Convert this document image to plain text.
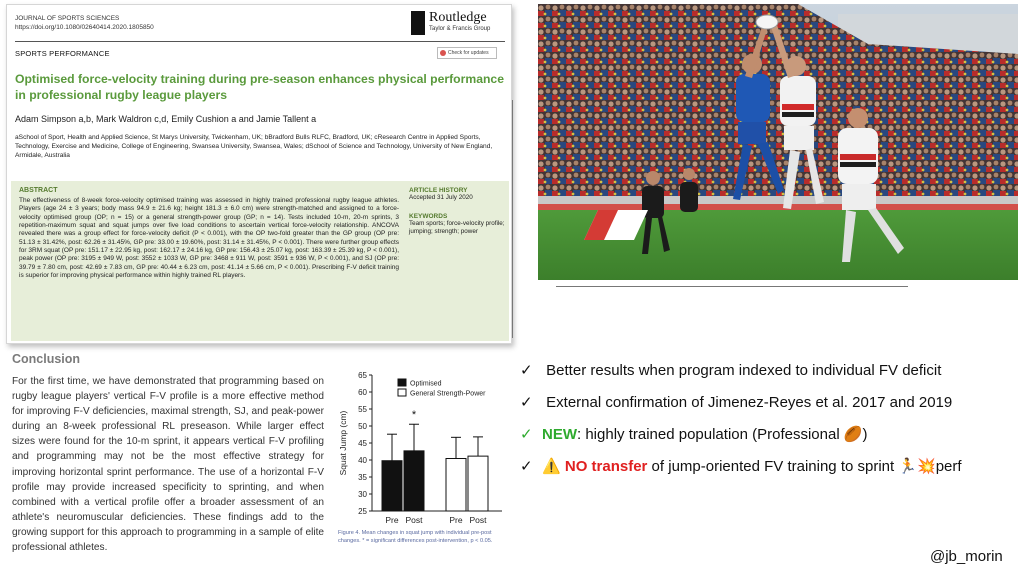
JOURNAL OF SPORTS SCIENCES
https://doi.org/10.1080/02640414.2020.1805850
Routledge
Taylor & Francis Group
SPORTS PERFORMANCE	Check for updates
Optimised force-velocity training during pre-season enhances physical performance in professional rugby league players
Adam Simpson a,b, Mark Waldron c,d, Emily Cushion a and Jamie Tallent a
aSchool of Sport, Health and Applied Science, St Marys University, Twickenham, UK; bBradford Bulls RLFC, Bradford, UK; cResearch Centre in Applied Sports, Technology, Exercise and Medicine, College of Engineering, Swansea University, Swansea, Wales; dSchool of Science and Technology, University of New England, Armidale, Australia
ABSTRACT
The effectiveness of 8-week force-velocity optimised training was assessed in highly trained professional rugby league athletes. Players (age 24 ± 3 years; body mass 94.9 ± 21.6 kg; height 181.3 ± 6.0 cm) were strength-matched and assigned to a force-velocity optimised group (OP; n = 15) or a general strength-power group (GP; n = 14). Tests included 10-m, 20-m sprints, 3 repetition-maximum squat and squat jumps over five load conditions to ascertain vertical force-velocity relationship. ANCOVA revealed there was a group effect for force-velocity deficit (P < 0.001), with the OP two-fold greater than the GP group (OP pre: 51.13 ± 31.42%, post: 62.26 ± 31.45%, GP pre: 33.00 ± 19.60%, post: 31.14 ± 31.45%, P < 0.001). There were further group effects for 3RM squat (OP pre: 151.17 ± 22.95 kg, post: 162.17 ± 24.16 kg, GP pre: 156.43 ± 25.07 kg, post: 163.39 ± 25.39 kg, P < 0.001), peak power (OP pre: 3195 ± 949 W, post: 3552 ± 1033 W, GP pre: 3468 ± 911 W, post: 3591 ± 936 W, P < 0.001), and SJ (OP pre: 39.79 ± 7.80 cm, post: 42.69 ± 7.83 cm, GP pre: 40.44 ± 6.23 cm, post: 41.14 ± 5.66 cm, P < 0.001). Prescribing F-V deficit training is superior for improving physical performance within highly trained RL players.
ARTICLE HISTORY
Accepted 31 July 2020
KEYWORDS
Team sports; force-velocity profile; jumping; strength; power
Conclusion
For the first time, we have demonstrated that programming based on rugby league players' vertical F-V profile is a more effective method for improving F-V deficiencies, maximal strength, SJ, and peak-power during an 8-week professional RL preseason. While larger effect sizes were found for the 10-m sprint, it appears vertical F-V profiling and programming may not be the most effective strategy for improving horizontal sprint performance. The use of a horizontal F-V profile may provide increased specificity to sprinting, and when combined with a vertical profile offer a broader assessment of an athlete's neuromuscular deficiencies. These findings add to the growing support for this approach to programming in a sample of elite professional athletes.
25
30
35
40
45
50
55
60
65
Squat Jump (cm)
Pre Post	Pre Post
*
Optimised
General Strength-Power
Figure 4. Mean changes in squat jump with individual pre-post changes. * = significant differences post-intervention, p < 0.05.
✓ Better results when program indexed to individual FV deficit
✓ External confirmation of Jimenez-Reyes et al. 2017 and 2019
✓ NEW: highly trained population (Professional 🏉)
✓ ⚠️ NO transfer of jump-oriented FV training to sprint 🏃💥perf
@jb_morin
